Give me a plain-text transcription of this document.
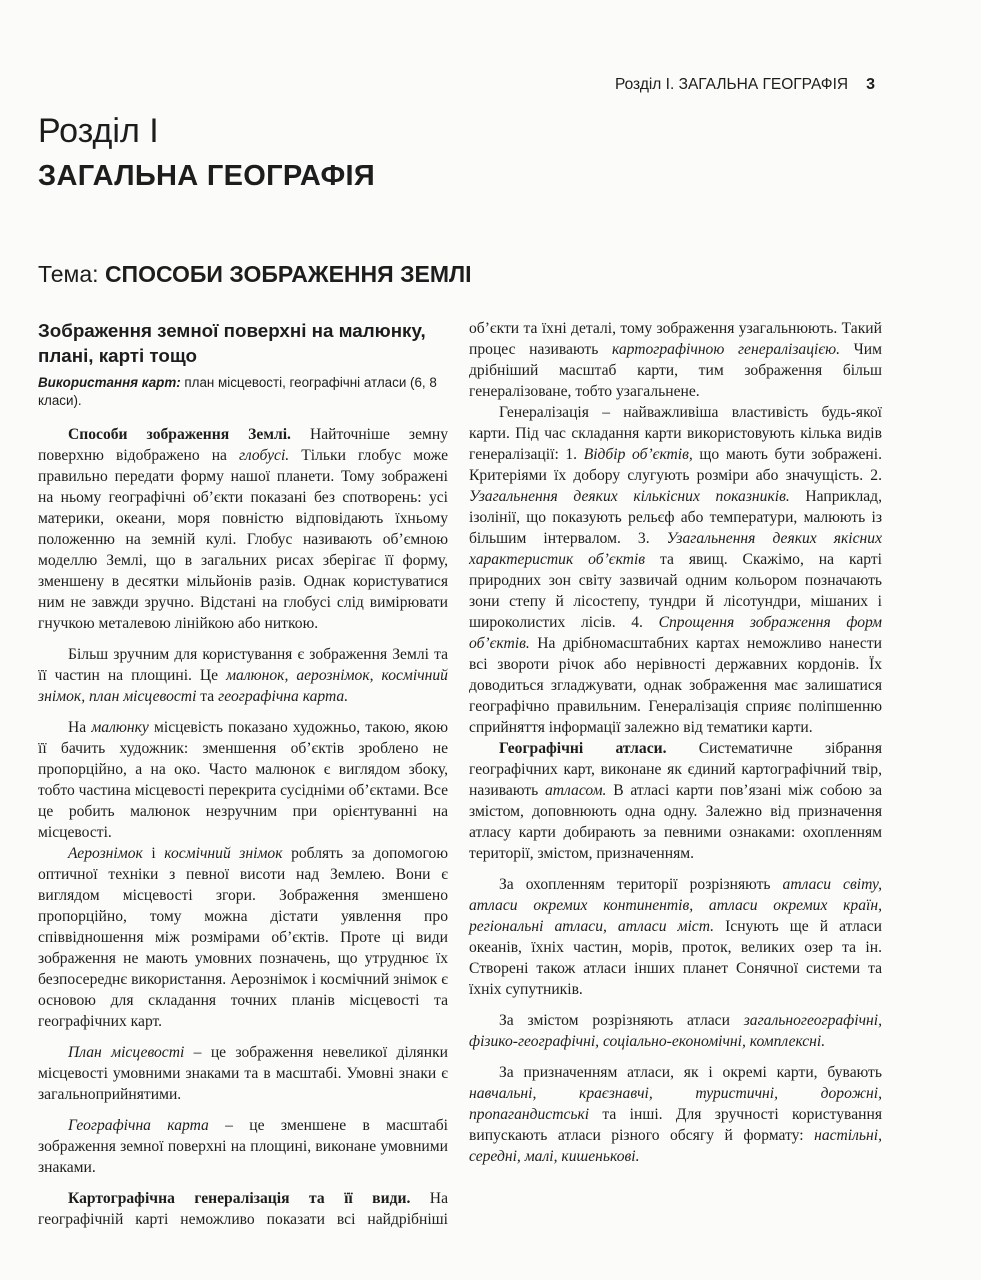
Розділ І. ЗАГАЛЬНА ГЕОГРАФІЯ 3
Розділ І
ЗАГАЛЬНА ГЕОГРАФІЯ
Тема: СПОСОБИ ЗОБРАЖЕННЯ ЗЕМЛІ
Зображення земної поверхні на малюнку, плані, карті тощо
Використання карт: план місцевості, географічні атласи (6, 8 класи).

Способи зображення Землі. Найточніше земну поверхню відображено на глобусі. Тільки глобус може правильно передати форму нашої планети. Тому зображені на ньому географічні об’єкти показані без спотворень: усі материки, океани, моря повністю відповідають їхньому положенню на земній кулі. Глобус називають об’ємною моделлю Землі, що в загальних рисах зберігає її форму, зменшену в десятки мільйонів разів. Однак користуватися ним не завжди зручно. Відстані на глобусі слід вимірювати гнучкою металевою лінійкою або ниткою.

Більш зручним для користування є зображення Землі та її частин на площині. Це малюнок, аерознімок, космічний знімок, план місцевості та географічна карта.

На малюнку місцевість показано художньо, такою, якою її бачить художник: зменшення об’єктів зроблено не пропорційно, а на око. Часто малюнок є виглядом збоку, тобто частина місцевості перекрита сусідніми об’єктами. Все це робить малюнок незручним при орієнтуванні на місцевості.

Аерознімок і космічний знімок роблять за допомогою оптичної техніки з певної висоти над Землею. Вони є виглядом місцевості згори. Зображення зменшено пропорційно, тому можна дістати уявлення про співвідношення між розмірами об’єктів. Проте ці види зображення не мають умовних позначень, що утруднює їх безпосереднє використання. Аерознімок і космічний знімок є основою для складання точних планів місцевості та географічних карт.

План місцевості – це зображення невеликої ділянки місцевості умовними знаками та в масштабі. Умовні знаки є загальноприйнятими.

Географічна карта – це зменшене в масштабі зображення земної поверхні на площині, виконане умовними знаками.

Картографічна генералізація та її види. На географічній карті неможливо показати всі найдрібніші

об’єкти та їхні деталі, тому зображення узагальнюють. Такий процес називають картографічною генералізацією. Чим дрібніший масштаб карти, тим зображення більш генералізоване, тобто узагальнене.

Генералізація – найважливіша властивість будь-якої карти. Під час складання карти використовують кілька видів генералізації: 1. Відбір об’єктів, що мають бути зображені. Критеріями їх добору слугують розміри або значущість. 2. Узагальнення деяких кількісних показників. Наприклад, ізолінії, що показують рельєф або температури, малюють із більшим інтервалом. 3. Узагальнення деяких якісних характеристик об’єктів та явищ. Скажімо, на карті природних зон світу зазвичай одним кольором позначають зони степу й лісостепу, тундри й лісотундри, мішаних і широколистих лісів. 4. Спрощення зображення форм об’єктів. На дрібномасштабних картах неможливо нанести всі звороти річок або нерівності державних кордонів. Їх доводиться згладжувати, однак зображення має залишатися географічно правильним. Генералізація сприяє поліпшенню сприйняття інформації залежно від тематики карти.

Географічні атласи. Систематичне зібрання географічних карт, виконане як єдиний картографічний твір, називають атласом. В атласі карти пов’язані між собою за змістом, доповнюють одна одну. Залежно від призначення атласу карти добирають за певними ознаками: охопленням території, змістом, призначенням.

За охопленням території розрізняють атласи світу, атласи окремих континентів, атласи окремих країн, регіональні атласи, атласи міст. Існують ще й атласи океанів, їхніх частин, морів, проток, великих озер та ін. Створені також атласи інших планет Сонячної системи та їхніх супутників.

За змістом розрізняють атласи загальногеографічні, фізико-географічні, соціально-економічні, комплексні.

За призначенням атласи, як і окремі карти, бувають навчальні, краєзнавчі, туристичні, дорожні, пропагандистські та інші. Для зручності користування випускають атласи різного обсягу й формату: настільні, середні, малі, кишенькові.
